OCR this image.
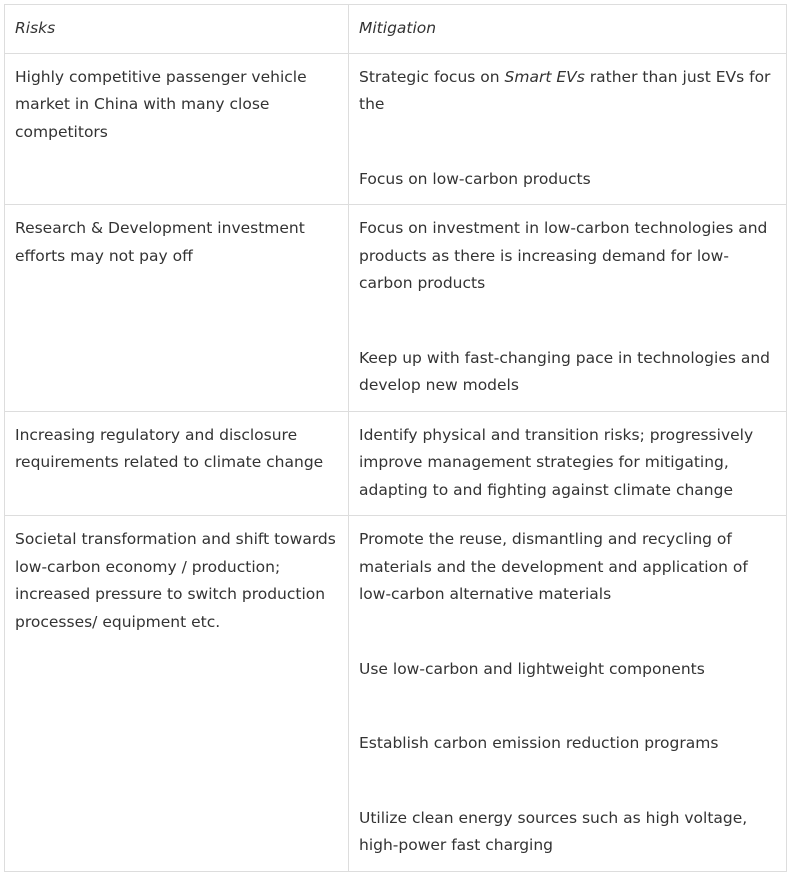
Risks	Mitigation

Highly competitive passenger vehicle market in China with many close competitors	Strategic focus on Smart EVs rather than just EVs for the

Focus on low-carbon products

Research & Development investment efforts may not pay off	Focus on investment in low-carbon technologies and products as there is increasing demand for low-carbon products

Keep up with fast-changing pace in technologies and develop new models

Increasing regulatory and disclosure requirements related to climate change	Identify physical and transition risks; progressively improve management strategies for mitigating, adapting to and fighting against climate change

Societal transformation and shift towards low-carbon economy / production; increased pressure to switch production processes/ equipment etc.	Promote the reuse, dismantling and recycling of materials and the development and application of low-carbon alternative materials

Use low-carbon and lightweight components

Establish carbon emission reduction programs

Utilize clean energy sources such as high voltage, high-power fast charging
